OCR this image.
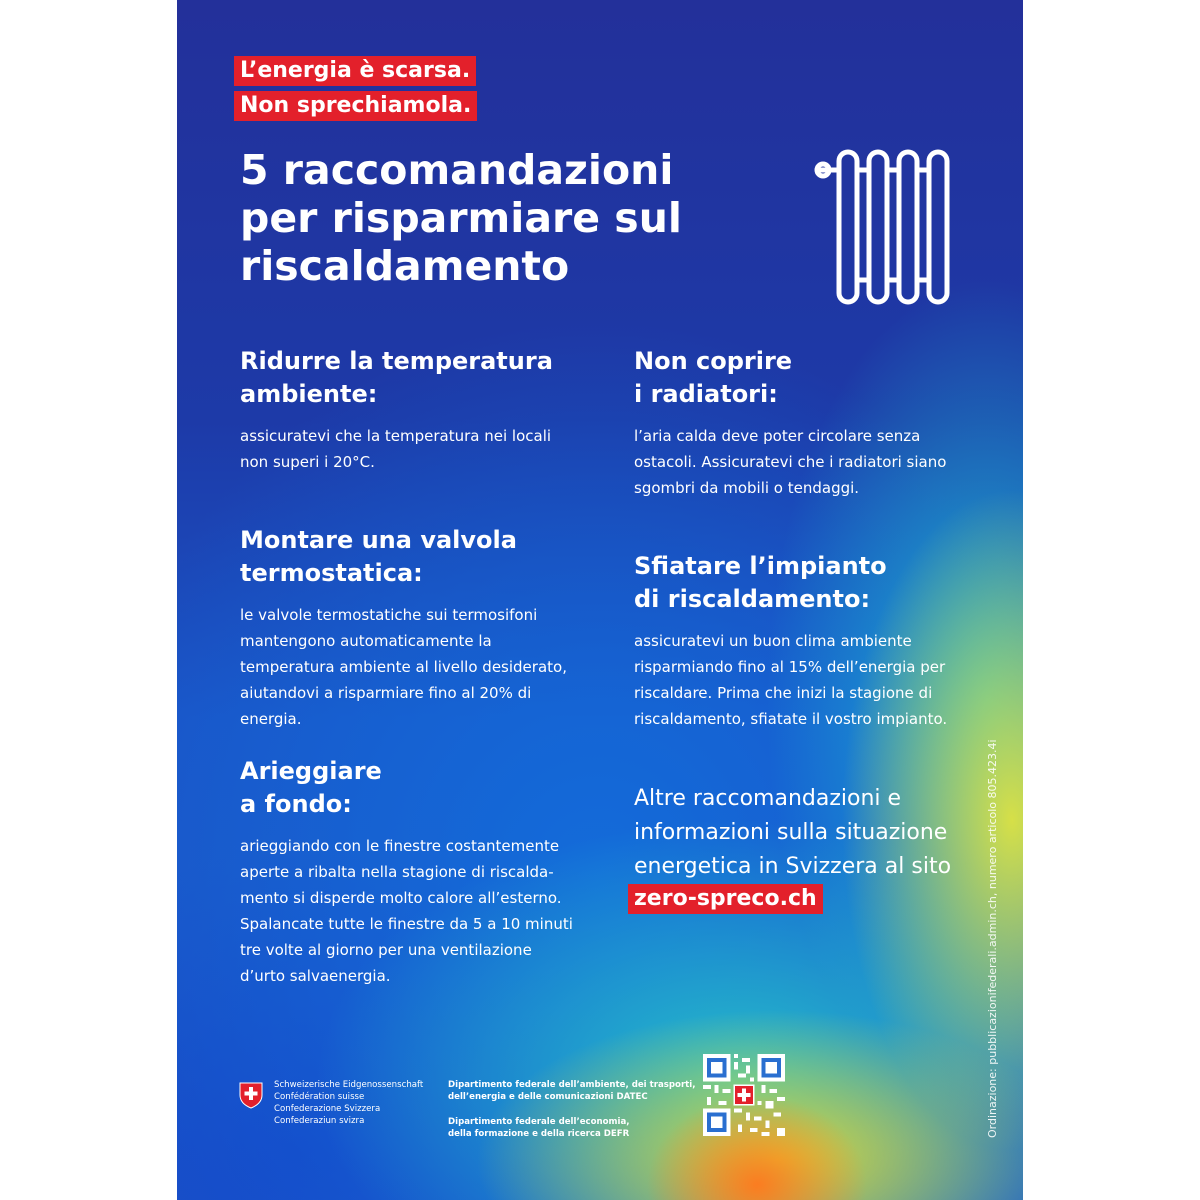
L’energia è scarsa.
Non sprechiamola.
5 raccomandazioni per risparmiare sul riscaldamento
Ridurre la temperatura
ambiente:

assicuratevi che la temperatura nei locali non superi i 20°C.

Montare una valvola
termostatica:

le valvole termostatiche sui termosifoni mantengono automaticamente la temperatura ambiente al livello desiderato, aiutandovi a risparmiare fino al 20% di energia.

Arieggiare
a fondo:

arieggiando con le finestre costantemente aperte a ribalta nella stagione di riscalda-mento si disperde molto calore all’esterno. Spalancate tutte le finestre da 5 a 10 minuti tre volte al giorno per una ventilazione d’urto salvaenergia.

Non coprire
i radiatori:

l’aria calda deve poter circolare senza ostacoli. Assicuratevi che i radiatori siano sgombri da mobili o tendaggi.

Sfiatare l’impianto
di riscaldamento:

assicuratevi un buon clima ambiente risparmiando fino al 15% dell’energia per riscaldare. Prima che inizi la stagione di riscaldamento, sfiatate il vostro impianto.

Altre raccomandazioni e informazioni sulla situazione energetica in Svizzera al sito

zero-spreco.ch
Schweizerische Eidgenossenschaft
Confédération suisse
Confederazione Svizzera
Confederaziun svizra
Dipartimento federale dell’ambiente, dei trasporti,
dell’energia e delle comunicazioni DATEC
Dipartimento federale dell’economia,
della formazione e della ricerca DEFR	Ordinazione: pubblicazionifederali.admin.ch, numero articolo 805.423.4i
